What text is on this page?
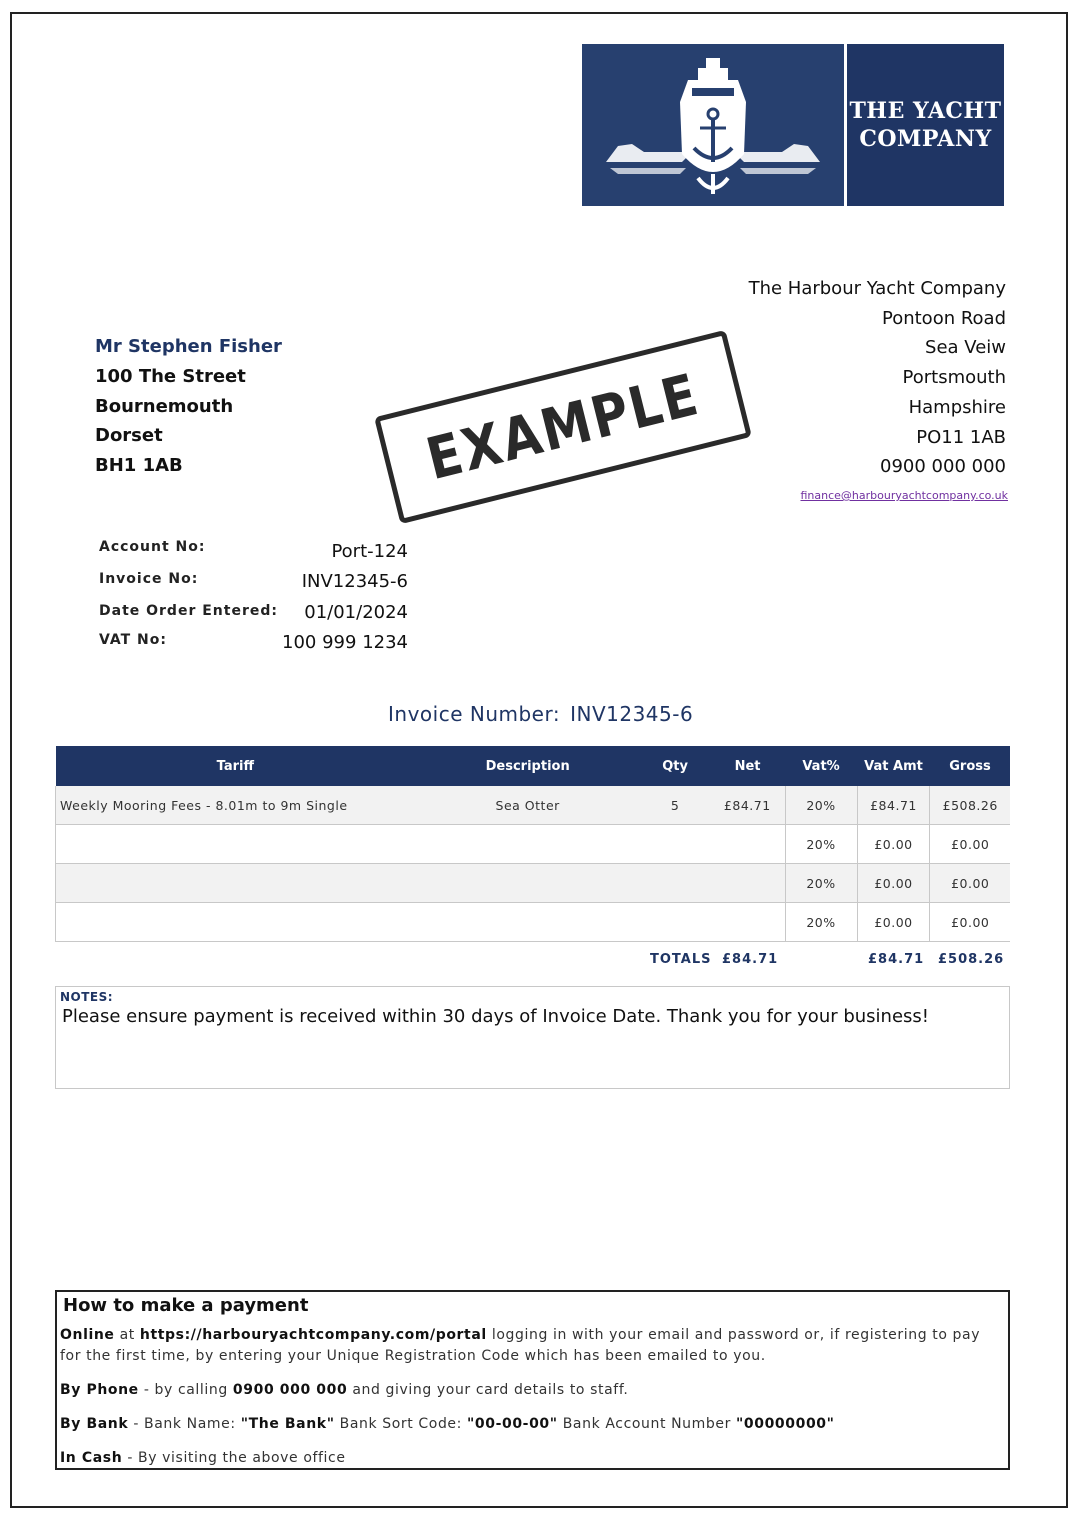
THE YACHT
COMPANY
The Harbour Yacht Company
Pontoon Road
Sea Veiw
Portsmouth
Hampshire
PO11 1AB
0900 000 000
finance@harbouryachtcompany.co.uk
Mr Stephen Fisher
100 The Street
Bournemouth
Dorset
BH1 1AB	EXAMPLE
Account No:	Port-124
Invoice No:	INV12345-6
Date Order Entered: 01/01/2024
VAT No:	100 999 1234
Invoice Number: INV12345-6
Tariff	Description	Qty	Net	Vat%	Vat Amt	Gross
Weekly Mooring Fees - 8.01m to 9m Single	Sea Otter	5	£84.71	20%	£84.71	£508.26
				20%	£0.00	£0.00
				20%	£0.00	£0.00
				20%	£0.00	£0.00
TOTALS £84.71	£84.71 £508.26
NOTES:
Please ensure payment is received within 30 days of Invoice Date. Thank you for your business!
How to make a payment
Online at https://harbouryachtcompany.com/portal logging in with your email and password or, if registering to pay for the first time, by entering your Unique Registration Code which has been emailed to you.
By Phone - by calling 0900 000 000 and giving your card details to staff.
By Bank - Bank Name: "The Bank" Bank Sort Code: "00-00-00" Bank Account Number "00000000"
In Cash - By visiting the above office
